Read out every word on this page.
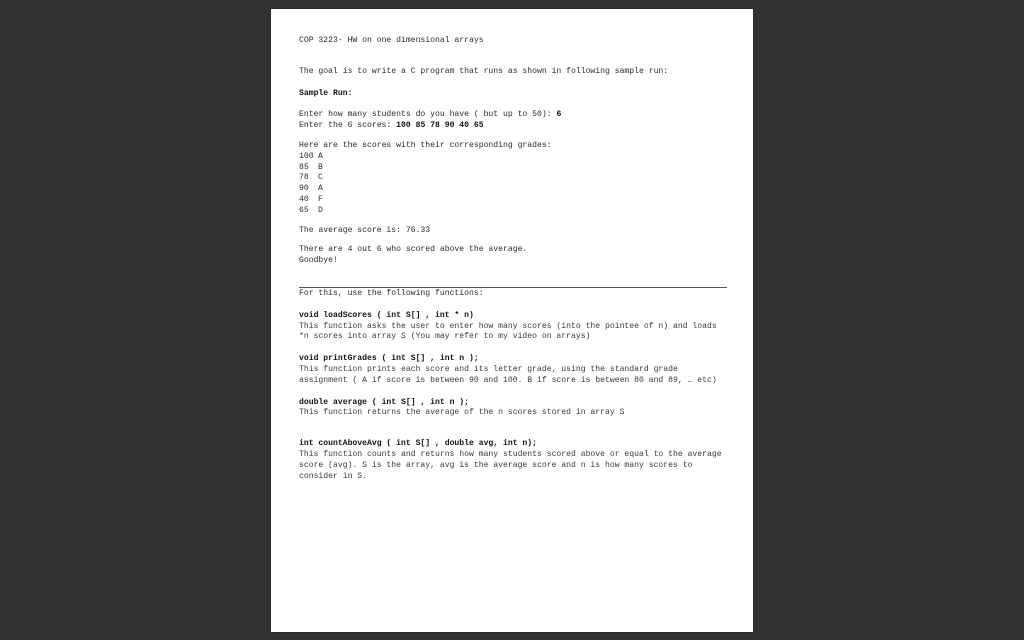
COP 3223- HW on one dimensional arrays

The goal is to write a C program that runs as shown in following sample run:

Sample Run:

Enter how many students do you have ( but up to 50): 6

Enter the 6 scores: 100 85 78 90 40 65

Here are the scores with their corresponding grades:

100 A
85	B
78	C
90	A
40	F
65	D

The average score is: 76.33

There are 4 out 6 who scored above the average.

Goodbye!

For this, use the following functions:

void loadScores ( int S[] , int * n)

This function asks the user to enter how many scores (into the pointee of n) and loads *n scores into array S (You may refer to my video on arrays)

void printGrades ( int S[] , int n );

This function prints each score and its letter grade, using the standard grade assignment ( A if score is between 90 and 100. B if score is between 80 and 89, … etc)

double average ( int S[] , int n );

This function returns the average of the n scores stored in array S

int countAboveAvg ( int S[] , double avg, int n);

This function counts and returns how many students scored above or equal to the average score (avg). S is the array, avg is the average score and n is how many scores to consider in S.
